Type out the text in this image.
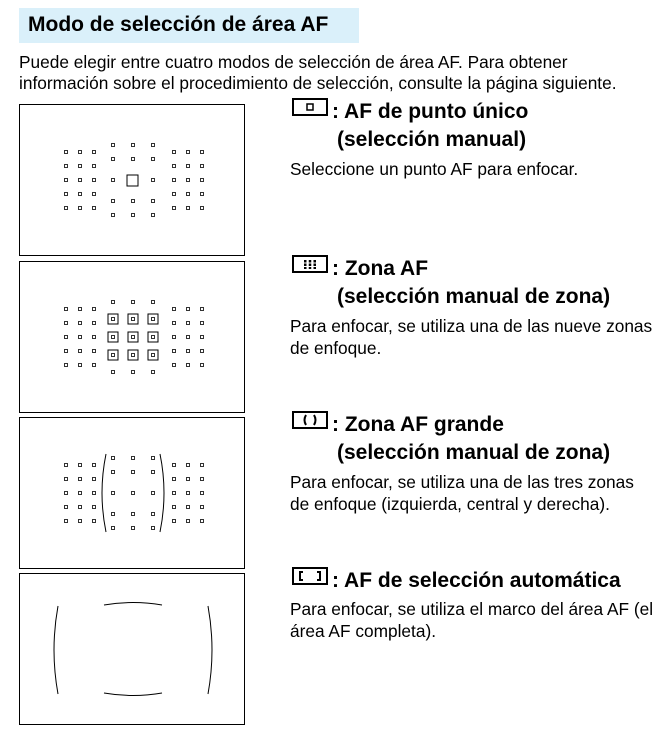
Modo de selección de área AF
Puede elegir entre cuatro modos de selección de área AF. Para obtener
información sobre el procedimiento de selección, consulte la página siguiente.
: AF de punto único
(selección manual)
Seleccione un punto AF para enfocar.
: Zona AF
(selección manual de zona)
Para enfocar, se utiliza una de las nueve zonas de enfoque.
: Zona AF grande
(selección manual de zona)
Para enfocar, se utiliza una de las tres zonas de enfoque (izquierda, central y derecha).
: AF de selección automática
Para enfocar, se utiliza el marco del área AF (el área AF completa).
